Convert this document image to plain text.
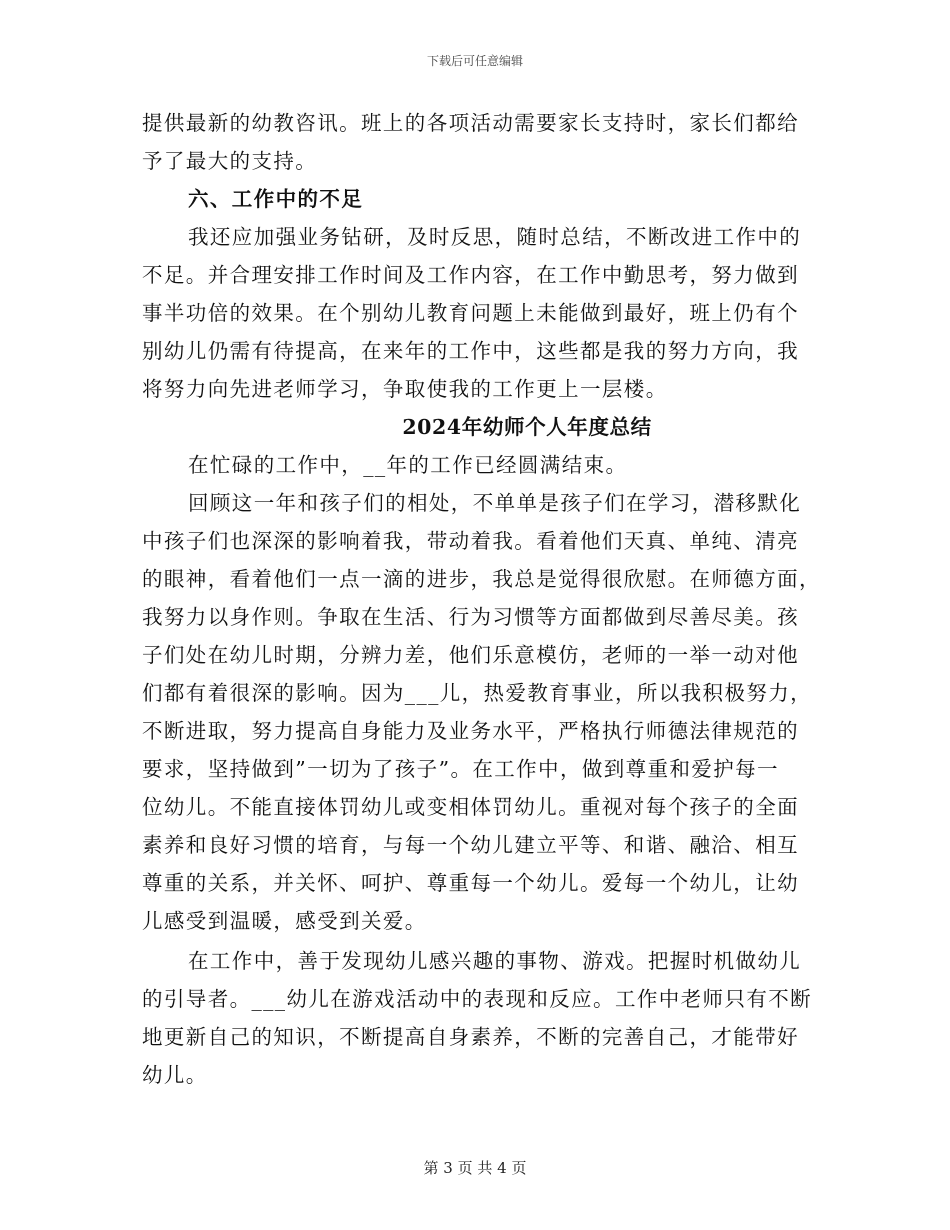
下载后可任意编辑
提供最新的幼教咨讯。班上的各项活动需要家长支持时，家长们都给
予了最大的支持。
六、工作中的不足
我还应加强业务钻研，及时反思，随时总结，不断改进工作中的
不足。并合理安排工作时间及工作内容，在工作中勤思考，努力做到
事半功倍的效果。在个别幼儿教育问题上未能做到最好，班上仍有个
别幼儿仍需有待提高，在来年的工作中，这些都是我的努力方向，我
将努力向先进老师学习，争取使我的工作更上一层楼。
2024年幼师个人年度总结
在忙碌的工作中，__年的工作已经圆满结束。
回顾这一年和孩子们的相处，不单单是孩子们在学习，潜移默化
中孩子们也深深的影响着我，带动着我。看着他们天真、单纯、清亮
的眼神，看着他们一点一滴的进步，我总是觉得很欣慰。在师德方面，
我努力以身作则。争取在生活、行为习惯等方面都做到尽善尽美。孩
子们处在幼儿时期，分辨力差，他们乐意模仿，老师的一举一动对他
们都有着很深的影响。因为___儿，热爱教育事业，所以我积极努力，
不断进取，努力提高自身能力及业务水平，严格执行师德法律规范的
要求，坚持做到”一切为了孩子”。在工作中，做到尊重和爱护每一
位幼儿。不能直接体罚幼儿或变相体罚幼儿。重视对每个孩子的全面
素养和良好习惯的培育，与每一个幼儿建立平等、和谐、融洽、相互
尊重的关系，并关怀、呵护、尊重每一个幼儿。爱每一个幼儿，让幼
儿感受到温暖，感受到关爱。
在工作中，善于发现幼儿感兴趣的事物、游戏。把握时机做幼儿
的引导者。___幼儿在游戏活动中的表现和反应。工作中老师只有不断
地更新自己的知识，不断提高自身素养，不断的完善自己，才能带好
幼儿。
第 3 页 共 4 页
